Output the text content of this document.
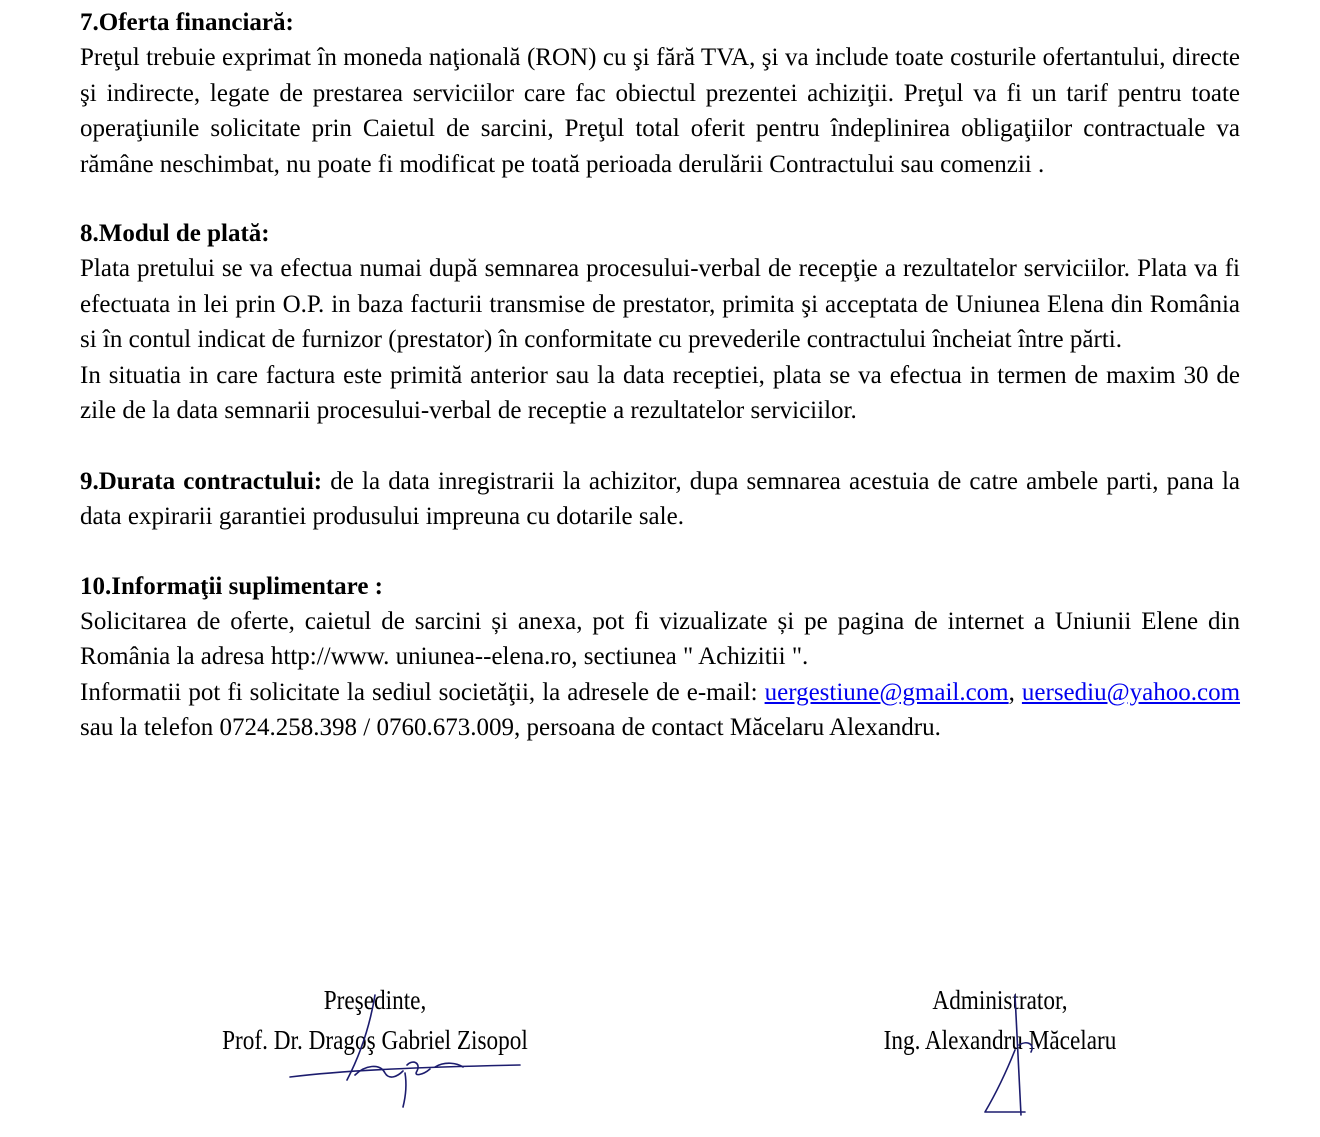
7.Oferta financiară:

Preţul trebuie exprimat în moneda naţională (RON) cu şi fără TVA, şi va include toate costurile ofertantului, directe şi indirecte, legate de prestarea serviciilor care fac obiectul prezentei achiziţii. Preţul va fi un tarif pentru toate operaţiunile solicitate prin Caietul de sarcini, Preţul total oferit pentru îndeplinirea obligaţiilor contractuale va rămâne neschimbat, nu poate fi modificat pe toată perioada derulării Contractului sau comenzii .

8.Modul de plată:

Plata pretului se va efectua numai după semnarea procesului-verbal de recepţie a rezultatelor serviciilor. Plata va fi efectuata in lei prin O.P. in baza facturii transmise de prestator, primita şi acceptata de Uniunea Elena din România si în contul indicat de furnizor (prestator) în conformitate cu prevederile contractului încheiat între părti.

In situatia in care factura este primită anterior sau la data receptiei, plata se va efectua in termen de maxim 30 de zile de la data semnarii procesului-verbal de receptie a rezultatelor serviciilor.

9.Durata contractului: de la data inregistrarii la achizitor, dupa semnarea acestuia de catre ambele parti, pana la data expirarii garantiei produsului impreuna cu dotarile sale.

10.Informaţii suplimentare :

Solicitarea de oferte, caietul de sarcini și anexa, pot fi vizualizate și pe pagina de internet a Uniunii Elene din România la adresa http://www. uniunea--elena.ro, sectiunea " Achizitii ".

Informatii pot fi solicitate la sediul societăţii, la adresele de e-mail: uergestiune@gmail.com, uersediu@yahoo.com sau la telefon 0724.258.398 / 0760.673.009, persoana de contact Măcelaru Alexandru.

Preşedinte,
Prof. Dr. Dragoş Gabriel Zisopol
Administrator,
Ing. Alexandru Măcelaru
